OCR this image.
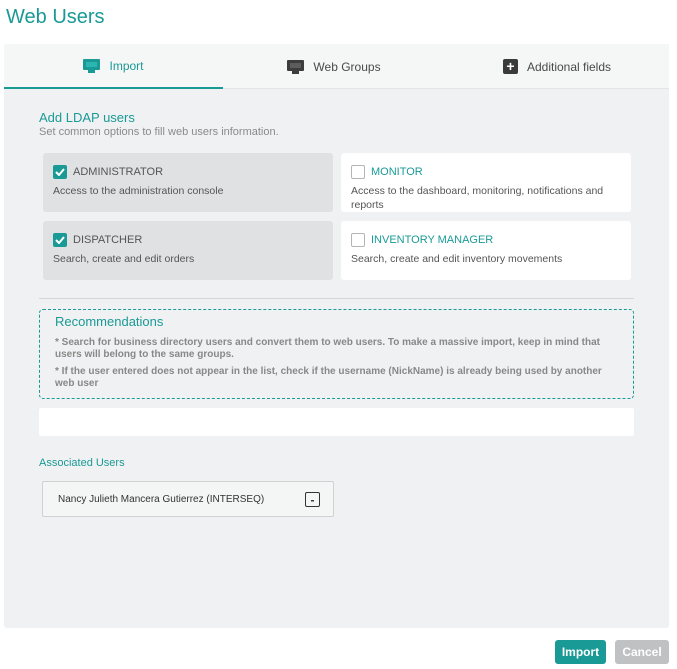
Web Users
Import	Web Groups	+ Additional fields
Add LDAP users
Set common options to fill web users information.
ADMINISTRATOR
Access to the administration console
MONITOR
Access to the dashboard, monitoring, notifications and reports
DISPATCHER
Search, create and edit orders
INVENTORY MANAGER
Search, create and edit inventory movements
Recommendations
* Search for business directory users and convert them to web users. To make a massive import, keep in mind that users will belong to the same groups.
* If the user entered does not appear in the list, check if the username (NickName) is already being used by another web user
Associated Users
Nancy Julieth Mancera Gutierrez (INTERSEQ)	-
Import	Cancel
